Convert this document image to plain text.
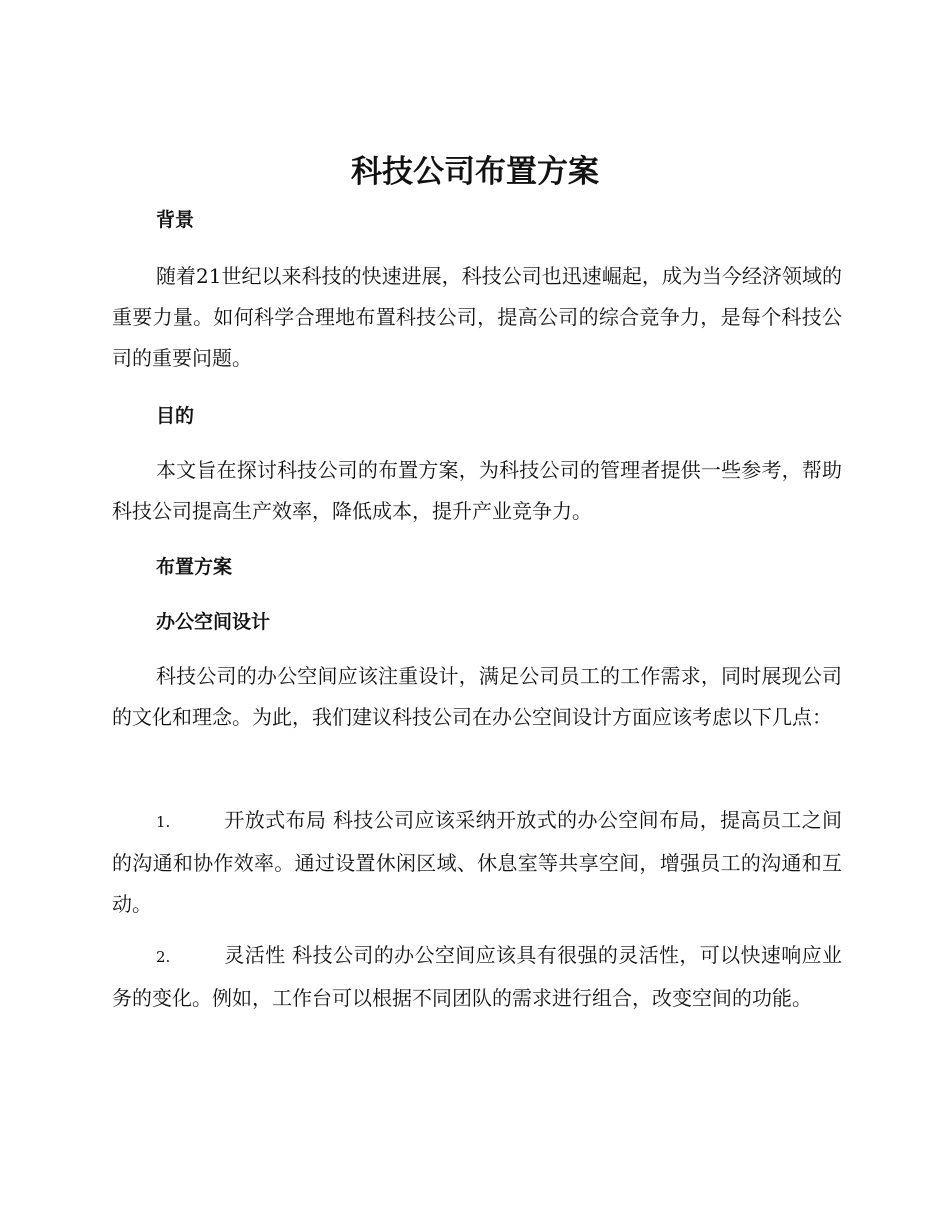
科技公司布置方案
背景

随着21世纪以来科技的快速进展，科技公司也迅速崛起，成为当今经济领域的重要力量。如何科学合理地布置科技公司，提高公司的综合竞争力，是每个科技公司的重要问题。

目的

本文旨在探讨科技公司的布置方案，为科技公司的管理者提供一些参考，帮助科技公司提高生产效率，降低成本，提升产业竞争力。

布置方案
办公空间设计

科技公司的办公空间应该注重设计，满足公司员工的工作需求，同时展现公司的文化和理念。为此，我们建议科技公司在办公空间设计方面应该考虑以下几点：

1.	开放式布局 科技公司应该采纳开放式的办公空间布局，提高员工之间的沟通和协作效率。通过设置休闲区域、休息室等共享空间，增强员工的沟通和互动。

2.	灵活性 科技公司的办公空间应该具有很强的灵活性，可以快速响应业务的变化。例如，工作台可以根据不同团队的需求进行组合，改变空间的功能。
